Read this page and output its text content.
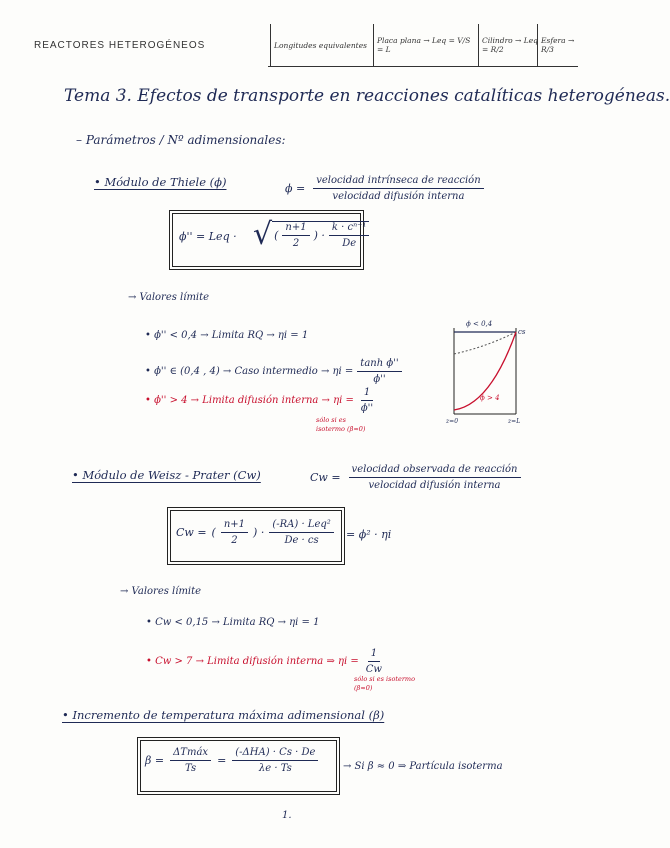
REACTORES HETEROGÉNEOS	Longitudes equivalentes Placa plana → Leq = V/S = L
Cilindro → Leq = R/2
Esfera → R/3
Tema 3. Efectos de transporte en reacciones catalíticas heterogéneas.
– Parámetros / Nº adimensionales:
• Módulo de Thiele (ϕ)	$\phi = \frac{\text{velocidad intrínseca de reacción}}{\text{velocidad difusión interna}}$
ϕ'' = Leq · √ ( $\frac{n+1}{2}$ ) · $\frac{\text{k · cⁿ⁻¹}}{De}$
→ Valores límite
• ϕ'' < 0,4 → Limita RQ → ηi = 1
• ϕ'' ∈ (0,4 , 4) → Caso intermedio → $\eta i = \frac{\text{tanh ϕ''}}{\phi''}$
• ϕ'' > 4 → Limita difusión interna → $\eta i = \frac{1}{\phi''}$
sólo si es isotermo (β≈0)
ϕ < 0,4
cs
ϕ > 4
z=0	z=L
• Módulo de Weisz - Prater (Cw)	$Cw = \frac{\text{velocidad observada de reacción}}{\text{velocidad difusión interna}}$
Cw = ( $\frac{n+1}{2}$ ) · $\frac{\text{(-RA) · Leq²}}{De \cdot cs} = \phi^2 \cdot \eta i$
→ Valores límite
• Cw < 0,15 → Limita RQ → ηi = 1
• Cw > 7 → Limita difusión interna ⇒ $\eta i = \frac{1}{Cw}$
sólo si es isotermo (β≈0)
• Incremento de temperatura máxima adimensional (β)
$\beta = \frac{\text{ΔTmáx}}{Ts} = \frac{\text{(-ΔHA) · Cs · De}}{\lambda e \cdot Ts} \to Si$ β ≈ 0 ⇒ Partícula isoterma
1.
